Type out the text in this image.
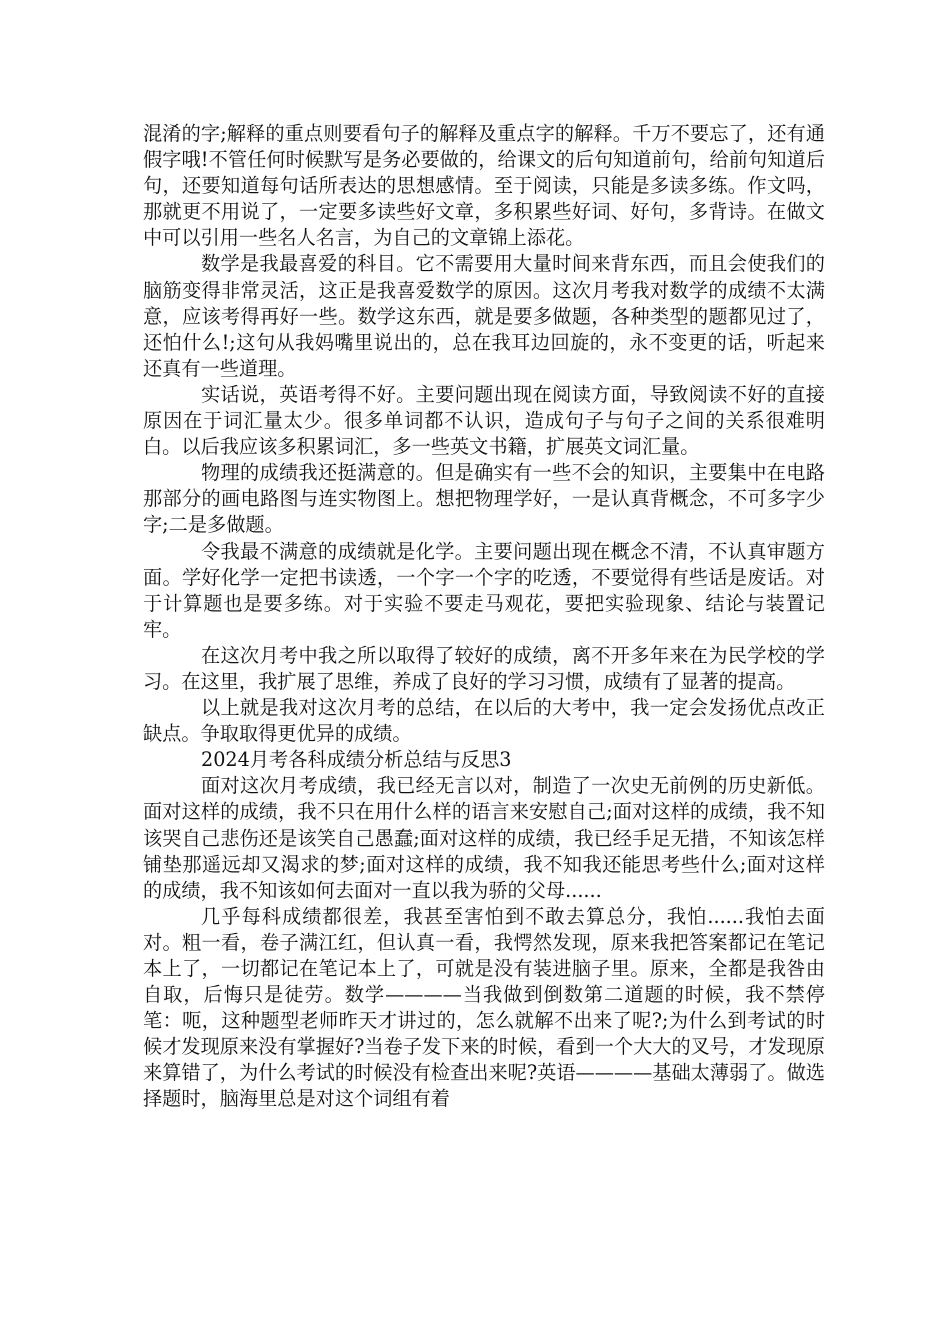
混淆的字;解释的重点则要看句子的解释及重点字的解释。千万不要忘了，还有通假字哦!不管任何时候默写是务必要做的，给课文的后句知道前句，给前句知道后句，还要知道每句话所表达的思想感情。至于阅读，只能是多读多练。作文吗，那就更不用说了，一定要多读些好文章，多积累些好词、好句，多背诗。在做文中可以引用一些名人名言，为自己的文章锦上添花。

数学是我最喜爱的科目。它不需要用大量时间来背东西，而且会使我们的脑筋变得非常灵活，这正是我喜爱数学的原因。这次月考我对数学的成绩不太满意，应该考得再好一些。数学这东西，就是要多做题，各种类型的题都见过了，还怕什么!;这句从我妈嘴里说出的，总在我耳边回旋的，永不变更的话，听起来还真有一些道理。

实话说，英语考得不好。主要问题出现在阅读方面，导致阅读不好的直接原因在于词汇量太少。很多单词都不认识，造成句子与句子之间的关系很难明白。以后我应该多积累词汇，多一些英文书籍，扩展英文词汇量。

物理的成绩我还挺满意的。但是确实有一些不会的知识，主要集中在电路那部分的画电路图与连实物图上。想把物理学好，一是认真背概念，不可多字少字;二是多做题。

令我最不满意的成绩就是化学。主要问题出现在概念不清，不认真审题方面。学好化学一定把书读透，一个字一个字的吃透，不要觉得有些话是废话。对于计算题也是要多练。对于实验不要走马观花，要把实验现象、结论与装置记牢。

在这次月考中我之所以取得了较好的成绩，离不开多年来在为民学校的学习。在这里，我扩展了思维，养成了良好的学习习惯，成绩有了显著的提高。

以上就是我对这次月考的总结，在以后的大考中，我一定会发扬优点改正缺点。争取取得更优异的成绩。

2024月考各科成绩分析总结与反思3

面对这次月考成绩，我已经无言以对，制造了一次史无前例的历史新低。面对这样的成绩，我不只在用什么样的语言来安慰自己;面对这样的成绩，我不知该哭自己悲伤还是该笑自己愚蠢;面对这样的成绩，我已经手足无措，不知该怎样铺垫那遥远却又渴求的梦;面对这样的成绩，我不知我还能思考些什么;面对这样的成绩，我不知该如何去面对一直以我为骄的父母......

几乎每科成绩都很差，我甚至害怕到不敢去算总分，我怕......我怕去面对。粗一看，卷子满江红，但认真一看，我愕然发现，原来我把答案都记在笔记本上了，一切都记在笔记本上了，可就是没有装进脑子里。原来，全都是我咎由自取，后悔只是徒劳。数学————当我做到倒数第二道题的时候，我不禁停笔：呃，这种题型老师昨天才讲过的，怎么就解不出来了呢?;为什么到考试的时候才发现原来没有掌握好?当卷子发下来的时候，看到一个大大的叉号，才发现原来算错了，为什么考试的时候没有检查出来呢?英语————基础太薄弱了。做选择题时，脑海里总是对这个词组有着
